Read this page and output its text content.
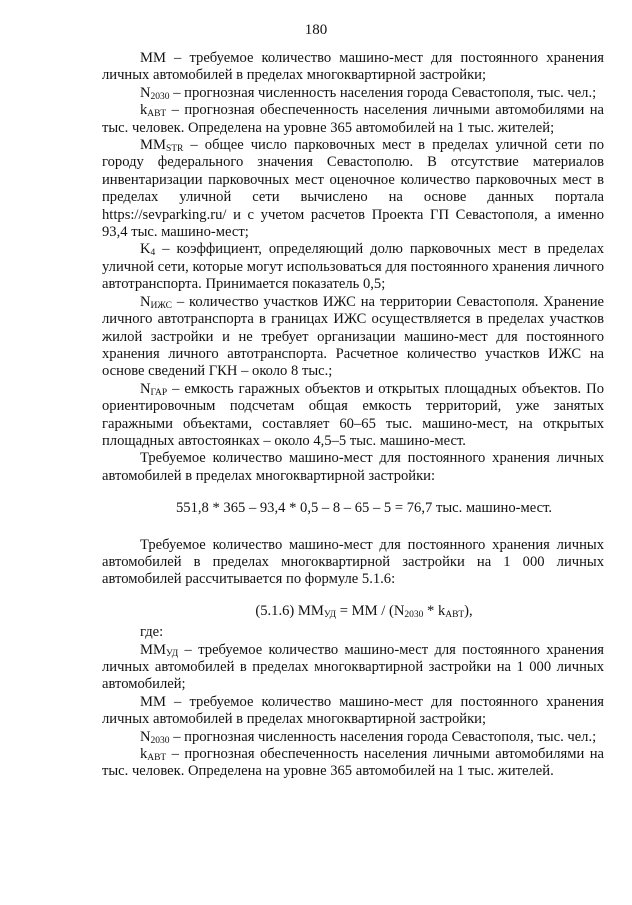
180

ММ – требуемое количество машино-мест для постоянного хранения личных автомобилей в пределах многоквартирной застройки;

$N_{2030}$ – прогнозная численность населения города Севастополя, тыс. чел.;

$k_{АВТ}$ – прогнозная обеспеченность населения личными автомобилями на тыс. человек. Определена на уровне 365 автомобилей на 1 тыс. жителей;

$ММ_{STR}$ – общее число парковочных мест в пределах уличной сети по городу федерального значения Севастополю. В отсутствие материалов инвентаризации парковочных мест оценочное количество парковочных мест в пределах уличной сети вычислено на основе данных портала https://sevparking.ru/ и с учетом расчетов Проекта ГП Севастополя, а именно 93,4 тыс. машино-мест;

$K_4$ – коэффициент, определяющий долю парковочных мест в пределах уличной сети, которые могут использоваться для постоянного хранения личного автотранспорта. Принимается показатель 0,5;

$N_{ИЖС}$ – количество участков ИЖС на территории Севастополя. Хранение личного автотранспорта в границах ИЖС осуществляется в пределах участков жилой застройки и не требует организации машино-мест для постоянного хранения личного автотранспорта. Расчетное количество участков ИЖС на основе сведений ГКН – около 8 тыс.;

$N_{ГАР}$ – емкость гаражных объектов и открытых площадных объектов. По ориентировочным подсчетам общая емкость территорий, уже занятых гаражными объектами, составляет 60–65 тыс. машино-мест, на открытых площадных автостоянках – около 4,5–5 тыс. машино-мест.

Требуемое количество машино-мест для постоянного хранения личных автомобилей в пределах многоквартирной застройки:

551,8 * 365 – 93,4 * 0,5 – 8 – 65 – 5 = 76,7 тыс. машино-мест.

Требуемое количество машино-мест для постоянного хранения личных автомобилей в пределах многоквартирной застройки на 1 000 личных автомобилей рассчитывается по формуле 5.1.6:

(5.1.6) $ММ_{УД}$ = ММ / $(N_{2030} * k_{АВТ})$,

где:

$ММ_{УД}$ – требуемое количество машино-мест для постоянного хранения личных автомобилей в пределах многоквартирной застройки на 1 000 личных автомобилей;

ММ – требуемое количество машино-мест для постоянного хранения личных автомобилей в пределах многоквартирной застройки;

$N_{2030}$ – прогнозная численность населения города Севастополя, тыс. чел.;

$k_{АВТ}$ – прогнозная обеспеченность населения личными автомобилями на тыс. человек. Определена на уровне 365 автомобилей на 1 тыс. жителей.
